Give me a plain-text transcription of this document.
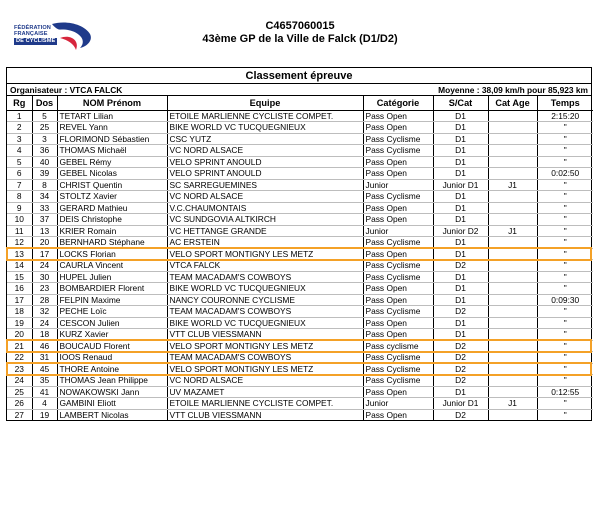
FÉDÉRATION
FRANÇAISE
DE CYCLISME
C4657060015
43ème GP de la Ville de Falck (D1/D2)
Classement épreuve
Organisateur : VTCA FALCK	Moyenne : 38,09 km/h pour 85,923 km
Rg	Dos	NOM Prénom	Equipe	Catégorie	S/Cat	Cat Age	Temps
1	5	TETART Lilian	ETOILE MARLIENNE CYCLISTE COMPET.	Pass Open	D1		2:15:20
2	25	REVEL Yann	BIKE WORLD VC TUCQUEGNIEUX	Pass Open	D1		"
3	3	FLORIMOND Sébastien	CSC YUTZ	Pass Cyclisme	D1		"
4	36	THOMAS Michaël	VC NORD ALSACE	Pass Cyclisme	D1		"
5	40	GEBEL Rémy	VELO SPRINT ANOULD	Pass Open	D1		"
6	39	GEBEL Nicolas	VELO SPRINT ANOULD	Pass Open	D1		0:02:50
7	8	CHRIST Quentin	SC SARREGUEMINES	Junior	Junior D1	J1	"
8	34	STOLTZ Xavier	VC NORD ALSACE	Pass Cyclisme	D1		"
9	33	GERARD Mathieu	V.C.CHAUMONTAIS	Pass Open	D1		"
10	37	DEIS Christophe	VC SUNDGOVIA ALTKIRCH	Pass Open	D1		"
11	13	KRIER Romain	VC HETTANGE GRANDE	Junior	Junior D2	J1	"
12	20	BERNHARD Stéphane	AC ERSTEIN	Pass Cyclisme	D1		"
13	17	LOCKS Florian	VELO SPORT MONTIGNY LES METZ	Pass Open	D1		"
14	24	CAURLA Vincent	VTCA FALCK	Pass Cyclisme	D2		"
15	30	HUPEL Julien	TEAM MACADAM'S COWBOYS	Pass Cyclisme	D1		"
16	23	BOMBARDIER Florent	BIKE WORLD VC TUCQUEGNIEUX	Pass Open	D1		"
17	28	FELPIN Maxime	NANCY COURONNE CYCLISME	Pass Open	D1		0:09:30
18	32	PECHE Loïc	TEAM MACADAM'S COWBOYS	Pass Cyclisme	D2		"
19	24	CESCON Julien	BIKE WORLD VC TUCQUEGNIEUX	Pass Open	D1		"
20	18	KURZ Xavier	VTT CLUB VIESSMANN	Pass Open	D1		"
21	46	BOUCAUD Florent	VELO SPORT MONTIGNY LES METZ	Pass cyclisme	D2		"
22	31	IOOS Renaud	TEAM MACADAM'S COWBOYS	Pass Cyclisme	D2		"
23	45	THORE Antoine	VELO SPORT MONTIGNY LES METZ	Pass Cyclisme	D2		"
24	35	THOMAS Jean Philippe	VC NORD ALSACE	Pass Cyclisme	D2		"
25	41	NOWAKOWSKI Jann	UV MAZAMET	Pass Open	D1		0:12:55
26	4	GAMBINI Eliott	ETOILE MARLIENNE CYCLISTE COMPET.	Junior	Junior D1	J1	"
27	19	LAMBERT Nicolas	VTT CLUB VIESSMANN	Pass Open	D2		"
